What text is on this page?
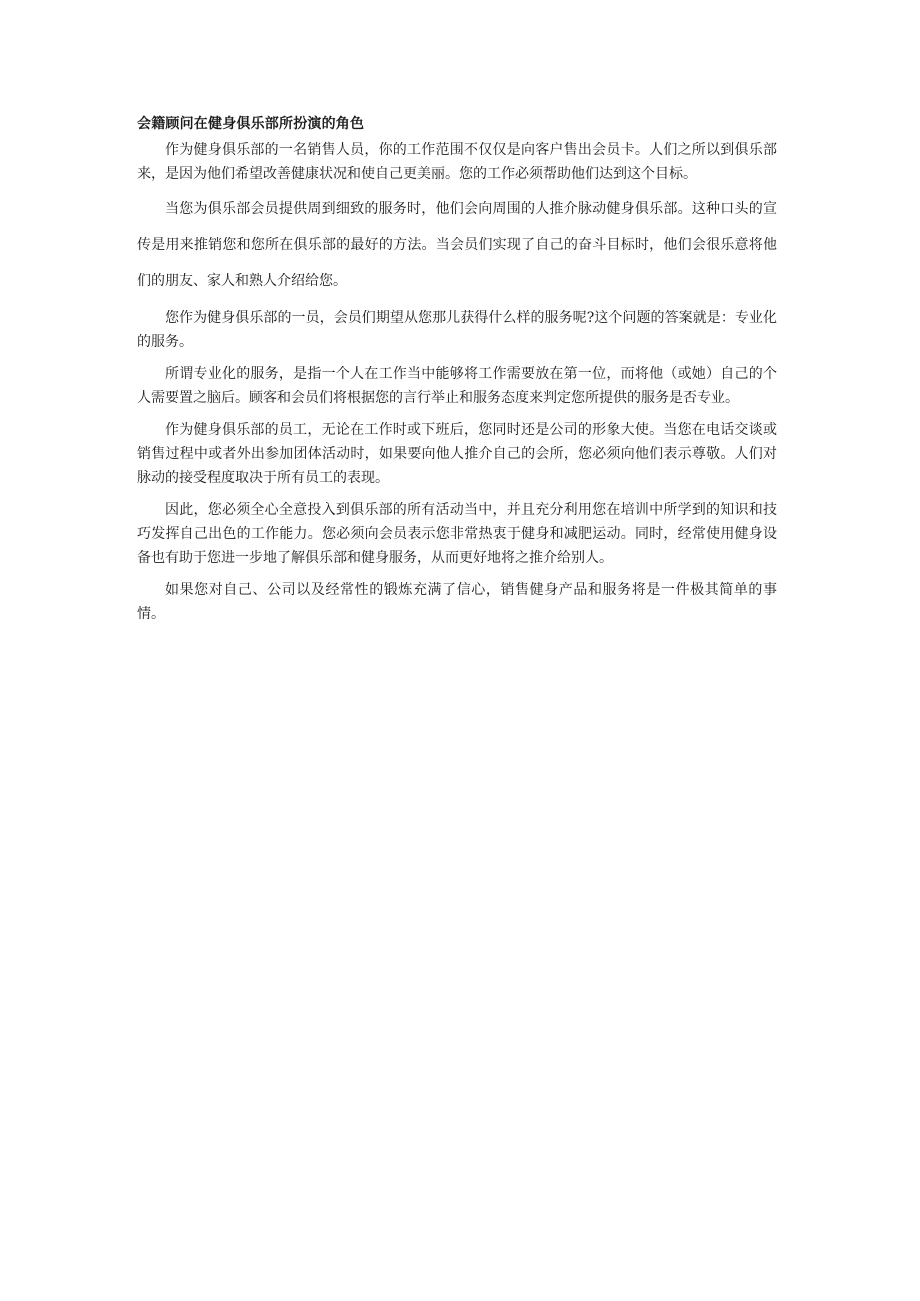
会籍顾问在健身俱乐部所扮演的角色

作为健身俱乐部的一名销售人员，你的工作范围不仅仅是向客户售出会员卡。人们之所以到俱乐部来，是因为他们希望改善健康状况和使自己更美丽。您的工作必须帮助他们达到这个目标。

当您为俱乐部会员提供周到细致的服务时，他们会向周围的人推介脉动健身俱乐部。这种口头的宣传是用来推销您和您所在俱乐部的最好的方法。当会员们实现了自己的奋斗目标时，他们会很乐意将他们的朋友、家人和熟人介绍给您。

您作为健身俱乐部的一员，会员们期望从您那儿获得什么样的服务呢?这个问题的答案就是：专业化的服务。

所谓专业化的服务，是指一个人在工作当中能够将工作需要放在第一位，而将他（或她）自己的个人需要置之脑后。顾客和会员们将根据您的言行举止和服务态度来判定您所提供的服务是否专业。

作为健身俱乐部的员工，无论在工作时或下班后，您同时还是公司的形象大使。当您在电话交谈或销售过程中或者外出参加团体活动时，如果要向他人推介自己的会所，您必须向他们表示尊敬。人们对脉动的接受程度取决于所有员工的表现。

因此，您必须全心全意投入到俱乐部的所有活动当中，并且充分利用您在培训中所学到的知识和技巧发挥自己出色的工作能力。您必须向会员表示您非常热衷于健身和减肥运动。同时，经常使用健身设备也有助于您进一步地了解俱乐部和健身服务，从而更好地将之推介给别人。

如果您对自己、公司以及经常性的锻炼充满了信心，销售健身产品和服务将是一件极其简单的事情。
